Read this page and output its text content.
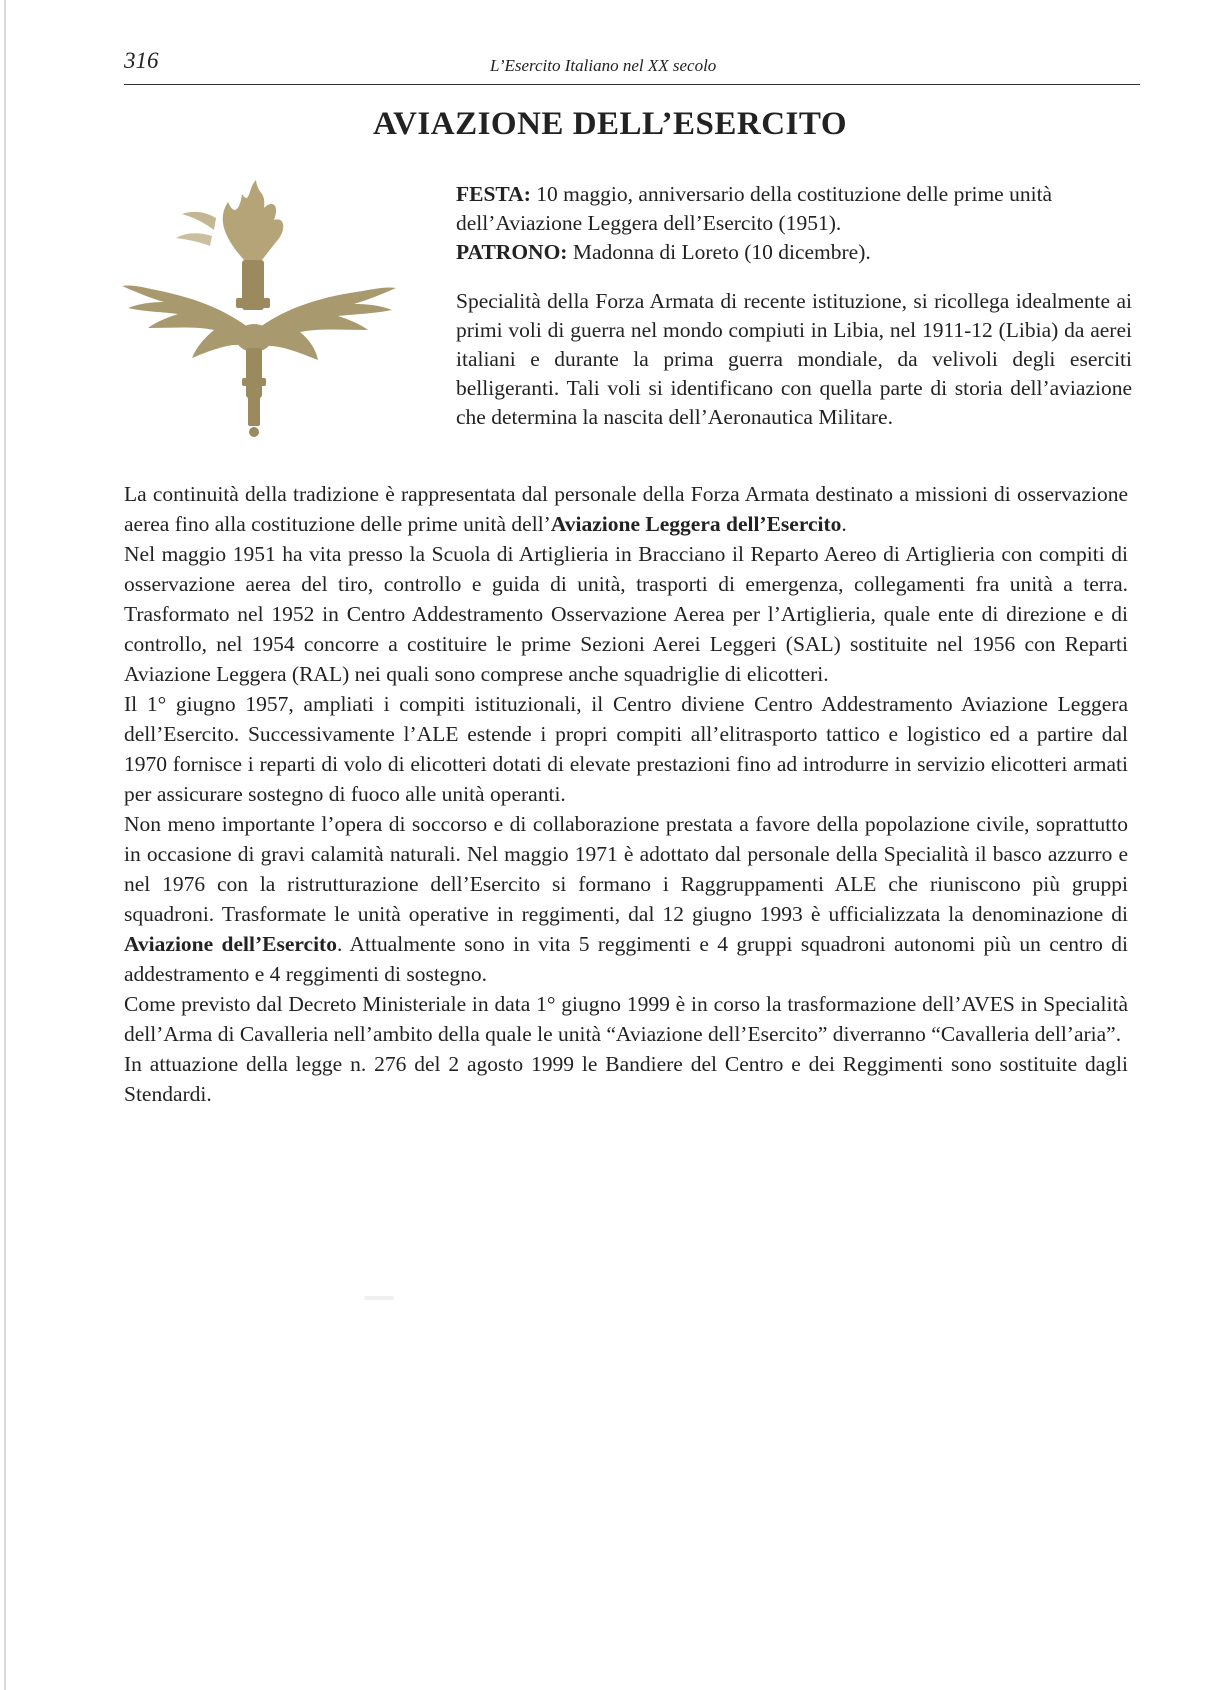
316	L’Esercito Italiano nel XX secolo
AVIAZIONE DELL’ESERCITO

FESTA: 10 maggio, anniversario della costituzione delle prime unità dell’Aviazione Leggera dell’Esercito (1951).

PATRONO: Madonna di Loreto (10 dicembre).

Specialità della Forza Armata di recente istituzione, si ricollega idealmente ai primi voli di guerra nel mondo compiuti in Libia, nel 1911-12 (Libia) da aerei italiani e durante la prima guerra mondiale, da velivoli degli eserciti belligeranti. Tali voli si identificano con quella parte di storia dell’aviazione che determina la nascita dell’Aeronautica Militare.

La continuità della tradizione è rappresentata dal personale della Forza Armata destinato a missioni di osservazione aerea fino alla costituzione delle prime unità dell’Aviazione Leggera dell’Esercito.

Nel maggio 1951 ha vita presso la Scuola di Artiglieria in Bracciano il Reparto Aereo di Artiglieria con compiti di osservazione aerea del tiro, controllo e guida di unità, trasporti di emergenza, collegamenti fra unità a terra. Trasformato nel 1952 in Centro Addestramento Osservazione Aerea per l’Artiglieria, quale ente di direzione e di controllo, nel 1954 concorre a costituire le prime Sezioni Aerei Leggeri (SAL) sostituite nel 1956 con Reparti Aviazione Leggera (RAL) nei quali sono comprese anche squadriglie di elicotteri.

Il 1° giugno 1957, ampliati i compiti istituzionali, il Centro diviene Centro Addestramento Aviazione Leggera dell’Esercito. Successivamente l’ALE estende i propri compiti all’elitrasporto tattico e logistico ed a partire dal 1970 fornisce i reparti di volo di elicotteri dotati di elevate prestazioni fino ad introdurre in servizio elicotteri armati per assicurare sostegno di fuoco alle unità operanti.

Non meno importante l’opera di soccorso e di collaborazione prestata a favore della popolazione civile, soprattutto in occasione di gravi calamità naturali. Nel maggio 1971 è adottato dal personale della Specialità il basco azzurro e nel 1976 con la ristrutturazione dell’Esercito si formano i Raggruppamenti ALE che riuniscono più gruppi squadroni. Trasformate le unità operative in reggimenti, dal 12 giugno 1993 è ufficializzata la denominazione di Aviazione dell’Esercito. Attualmente sono in vita 5 reggimenti e 4 gruppi squadroni autonomi più un centro di addestramento e 4 reggimenti di sostegno.

Come previsto dal Decreto Ministeriale in data 1° giugno 1999 è in corso la trasformazione dell’AVES in Specialità dell’Arma di Cavalleria nell’ambito della quale le unità “Aviazione dell’Esercito” diverranno “Cavalleria dell’aria”.

In attuazione della legge n. 276 del 2 agosto 1999 le Bandiere del Centro e dei Reggimenti sono sostituite dagli Stendardi.
